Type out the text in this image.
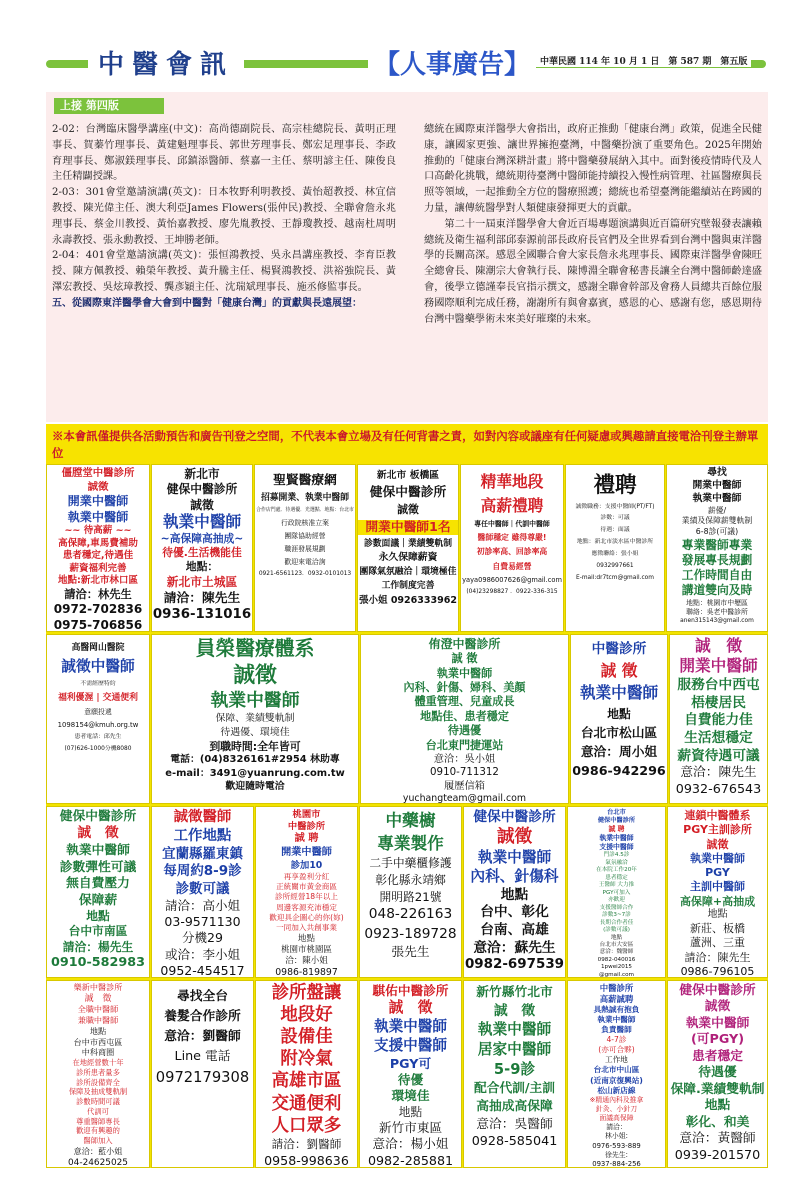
中醫會訊	【人事廣告】	中華民國 114 年 10 月 1 日　第 587 期　第五版
上接 第四版

2-02：台灣臨床醫學講座(中文)：高尚德副院長、高宗桂總院長、黃明正理事長、賀蓁竹理事長、黃建魁理事長、郭世芳理事長、鄭宏足理事長、李政育理事長、鄭淑鎂理事長、邱鎮添醫師、蔡嘉一主任、蔡明諺主任、陳俊良主任精闢授課。

2-03：301會堂邀請演講(英文)：日本牧野利明教授、黃怡超教授、林宜信教授、陳光偉主任、澳大利亞James Flowers(張仲民)教授、全聯會詹永兆理事長、蔡金川教授、黃怡嘉教授、廖先胤教授、王靜瓊教授、越南杜周明永壽教授、張永勳教授、王坤勝老師。

2-04：401會堂邀請演講(英文)：張恒鴻教授、吳永昌講座教授、李育臣教授、陳方佩教授、賴榮年教授、黃升騰主任、楊賢鴻教授、洪裕強院長、黃澤宏教授、吳炫璋教授、龔彥穎主任、沈瑞斌理事長、施丞修監事長。

五、從國際東洋醫學會大會到中醫對「健康台灣」的貢獻與長遠展望：

總統在國際東洋醫學大會指出，政府正推動「健康台灣」政策，促進全民健康，讓國家更強、讓世界擁抱臺灣，中醫藥扮演了重要角色。2025年開始推動的「健康台灣深耕計畫」將中醫藥發展納入其中。面對後疫情時代及人口高齡化挑戰，總統期待臺灣中醫師能持續投入慢性病管理、社區醫療與長照等領域，一起推動全方位的醫療照護；總統也希望臺灣能繼續站在跨國的力量，讓傳統醫學對人類健康發揮更大的貢獻。

第二十一屆東洋醫學會大會近百場專題演講與近百篇研究壁報發表讓賴總統及衛生福利部邱泰源前部長政府長官們及全世界看到台灣中醫與東洋醫學的長關高深。感恩全國聯合會大家長詹永兆理事長、國際東洋醫學會陳旺全總會長、陳潮宗大會執行長、陳博淵全聯會秘書長讓全台灣中醫師齡達盛會，後學立德謹奉長官指示撰文，感謝全聯會幹部及會務人員總共百餘位服務國際順利完成任務，謝謝所有與會嘉賓，感恩的心、感謝有您，感恩期待台灣中醫藥學術未來美好璀璨的未來。

※本會訊僅提供各活動預告和廣告刊登之空間，不代表本會立場及有任何背書之責，如對內容或議座有任何疑慮或興趣請直接電洽刊登主辦單位
僵膛堂中醫診所
誠徵
開業中醫師
執業中醫師
~~ 待高薪 ~~
高保障,車馬費補助
患者穩定,待遇佳
薪資福利完善
地點:新北市林口區
請洽：林先生
0972-702836
0975-706856
新北市
健保中醫診所
誠徵
執業中醫師
~高保障高抽成~
待優.生活機能佳
地點：
新北市土城區
請洽：陳先生
0936-131016
聖賢醫療網
招募開業、執業中醫師
合作店門處．待遇優．光選點．地點：台北市
行政院核准立案
團隊協助經營
職涯發展規劃
歡迎來電洽詢
0921-6561123．0932-0101013
新北市 板橋區
健保中醫診所
誠徵
開業中醫師1名
診數面議｜業績雙軌制
永久保障薪資
團隊氣氛融洽｜環境極佳
工作制度完善
張小姐 0926333962
精華地段
高薪禮聘
專任中醫師｜代訓中醫師
醫師穩定 雖得尊嚴!
初診率高、回診率高
自費易經營
yaya0986007626@gmail.com
(04)23298827 ．0922-336-315
禮聘
誠徵職務：支援中醫師(PT/FT)
診數：可議
待遇：面議
地點：新北市淡水區中醫診所
應徵聯絡：張小姐
0932997661
E-mail:dr7tcm@gmail.com
尋找
開業中醫師
執業中醫師
薪優/
業績及保障薪雙軌制
6-8診(可議)
專業醫師專業
發展專長規劃
工作時間自由
講道雙向及時
地點：桃園市中壢區
聯絡：吳老中醫診所
anen315143@gmail.com
高醫岡山醫院
誠徵中醫師
不需經歷特約
福利優渥 | 交通便利
意願投遞
1098154@kmuh.org.tw
患者電話：邱先生
(07)626-1000分機8080
員榮醫療體系
誠徵
執業中醫師
保障、業績雙軌制
待遇優、環境佳
到職時間:全年皆可
電話：(04)8326161#2954 林助專
e-mail：3491@yuanrung.com.tw
歡迎隨時電洽
侑澄中醫診所
誠 徵
執業中醫師
內科、針傷、婦科、美顏
體重管理、兒童成長
地點佳、患者穩定
待遇優
台北東門捷運站
意洽：吳小姐
0910-711312
履歷信箱
yuchangteam@gmail.com
中醫診所
誠 徵
執業中醫師
地點
台北市松山區
意洽：周小姐
0986-942296
誠　徵
開業中醫師
服務台中西屯
梧棲居民
自費能力佳
生活想穩定
薪資待遇可議
意洽：陳先生
0932-676543
健保中醫診所
誠　徵
執業中醫師
診數彈性可議
無自費壓力
保障薪
地點
台中市南區
請洽：楊先生
0910-582983
誠徵醫師
工作地點
宜蘭縣羅東鎮
每周約8-9診
診數可議
請洽：高小姐
03-9571130
分機29
或洽：李小姐
0952-454517
桃園市
中醫診所
誠 聘
開業中醫師
診加10
再享盈利分紅
正統關市黃金商區
診所經營18年以上
周邊客源充沛穩定
歡迎具企圖心的你(妳)
一同加入共創事業
地點
桃園市桃園區
洽：陳小姐
0986-819897
中藥櫥
專業製作
二手中藥櫃修護
彰化縣永靖鄉
開明路21號
048-226163
0923-189728
張先生
健保中醫診所
誠徵
執業中醫師
內科、針傷科
地點
台中、彰化
台南、高雄
意洽：蘇先生
0982-697539
台北市
健保中醫診所
誠 聘
執業中醫師
支援中醫師
門診4.5診
氣氛融洽
在本院工作20年
患者穩定
王醫師 大力推
PGY可加入
亦歡迎
支援醫師合作
診數3~7診
長期合作者佳
(診數可議)
地點
台北市大安區
意洽：魏醫師
0982-040016
1pwei2015
@gmail.com
連鎖中醫體系
PGY主訓診所
誠徵
執業中醫師
PGY
主訓中醫師
高保障+高抽成
地點
新莊、板橋
蘆洲、三重
請洽：陳先生
0986-796105
樂新中醫診所
誠　徵
全職中醫師
兼職中醫師
地點
台中市西屯區
中科商圈
在地經營數十年
診所患者量多
診所設備齊全
保障及抽成雙軌制
診數時間可議
代訓可
尊重醫師專長
歡迎有興趣的
醫師加入
意洽：藍小姐
04-24625025
尋找全台
養髮合作診所
意洽：劉醫師
Line 電話
0972179308
診所盤讓
地段好
設備佳
附冷氣
高雄市區
交通便利
人口眾多
請洽：劉醫師
0958-998636
騏佑中醫診所
誠　徵
執業中醫師
支援中醫師
PGY可
待優
環境佳
地點
新竹市東區
意洽：楊小姐
0982-285881
新竹縣竹北市
誠　徵
執業中醫師
居家中醫師
5-9診
配合代訓/主訓
高抽成高保障
意洽：吳醫師
0928-585041
中醫診所
高薪誠聘
具熱誠有抱負
執業中醫師
負責醫師
4-7診
(亦可合夥)
工作地
台北市中山區
(近南京復興站)
松山新店線
※精通內科及推拿
針灸、小針刀
面議高保障
請洽：
林小姐:
0976-593-889
徐先生:
0937-884-256
健保中醫診所
誠徵
執業中醫師
(可PGY)
患者穩定
待遇優
保障.業績雙軌制
地點
彰化、和美
意洽：黃醫師
0939-201570
